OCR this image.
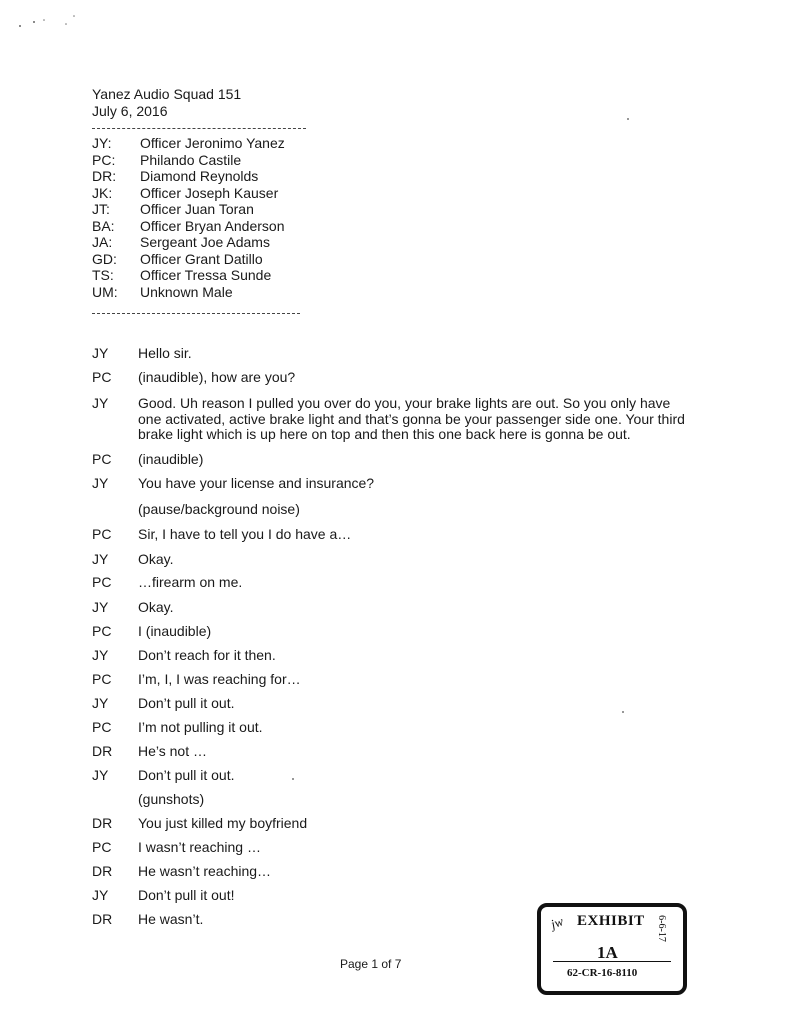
Yanez Audio Squad 151
July 6, 2016
JY:	Officer Jeronimo Yanez
PC:	Philando Castile
DR:	Diamond Reynolds
JK:	Officer Joseph Kauser
JT:	Officer Juan Toran
BA:	Officer Bryan Anderson
JA:	Sergeant Joe Adams
GD:	Officer Grant Datillo
TS:	Officer Tressa Sunde
UM:	Unknown Male
JY	Hello sir.
PC	(inaudible), how are you?
JY	Good. Uh reason I pulled you over do you, your brake lights are out. So you only have one activated, active brake light and that’s gonna be your passenger side one. Your third brake light which is up here on top and then this one back here is gonna be out.
PC	(inaudible)
JY	You have your license and insurance?
(pause/background noise)
PC	Sir, I have to tell you I do have a…
JY	Okay.
PC	…firearm on me.
JY	Okay.
PC	I (inaudible)
JY	Don’t reach for it then.
PC	I’m, I, I was reaching for…
JY	Don’t pull it out.
PC	I’m not pulling it out.
DR	He’s not …
JY	Don’t pull it out.
(gunshots)
DR	You just killed my boyfriend
PC	I wasn’t reaching …
DR	He wasn’t reaching…
JY	Don’t pull it out!
DR	He wasn’t.
Page 1 of 7
jw EXHIBIT 6-6-17
1A
62-CR-16-8110
